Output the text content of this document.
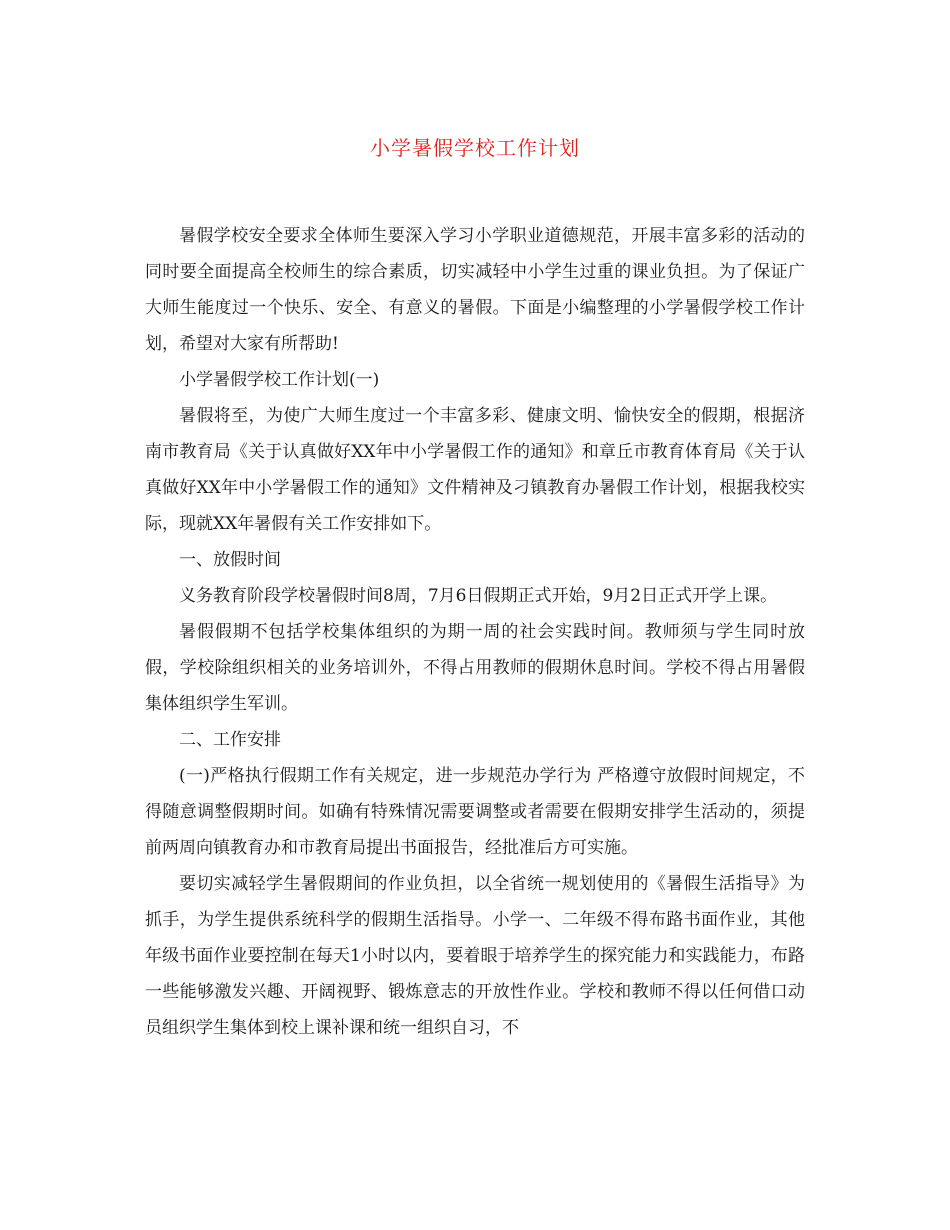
小学暑假学校工作计划

暑假学校安全要求全体师生要深入学习小学职业道德规范，开展丰富多彩的活动的同时要全面提高全校师生的综合素质，切实减轻中小学生过重的课业负担。为了保证广大师生能度过一个快乐、安全、有意义的暑假。下面是小编整理的小学暑假学校工作计划，希望对大家有所帮助!

小学暑假学校工作计划(一)

暑假将至，为使广大师生度过一个丰富多彩、健康文明、愉快安全的假期，根据济南市教育局《关于认真做好XX年中小学暑假工作的通知》和章丘市教育体育局《关于认真做好XX年中小学暑假工作的通知》文件精神及刁镇教育办暑假工作计划，根据我校实际，现就XX年暑假有关工作安排如下。

一、放假时间

义务教育阶段学校暑假时间8周，7月6日假期正式开始，9月2日正式开学上课。

暑假假期不包括学校集体组织的为期一周的社会实践时间。教师须与学生同时放假，学校除组织相关的业务培训外，不得占用教师的假期休息时间。学校不得占用暑假集体组织学生军训。

二、工作安排

(一)严格执行假期工作有关规定，进一步规范办学行为 严格遵守放假时间规定，不得随意调整假期时间。如确有特殊情况需要调整或者需要在假期安排学生活动的，须提前两周向镇教育办和市教育局提出书面报告，经批准后方可实施。

要切实减轻学生暑假期间的作业负担，以全省统一规划使用的《暑假生活指导》为抓手，为学生提供系统科学的假期生活指导。小学一、二年级不得布路书面作业，其他年级书面作业要控制在每天1小时以内，要着眼于培养学生的探究能力和实践能力，布路一些能够激发兴趣、开阔视野、锻炼意志的开放性作业。学校和教师不得以任何借口动员组织学生集体到校上课补课和统一组织自习，不
